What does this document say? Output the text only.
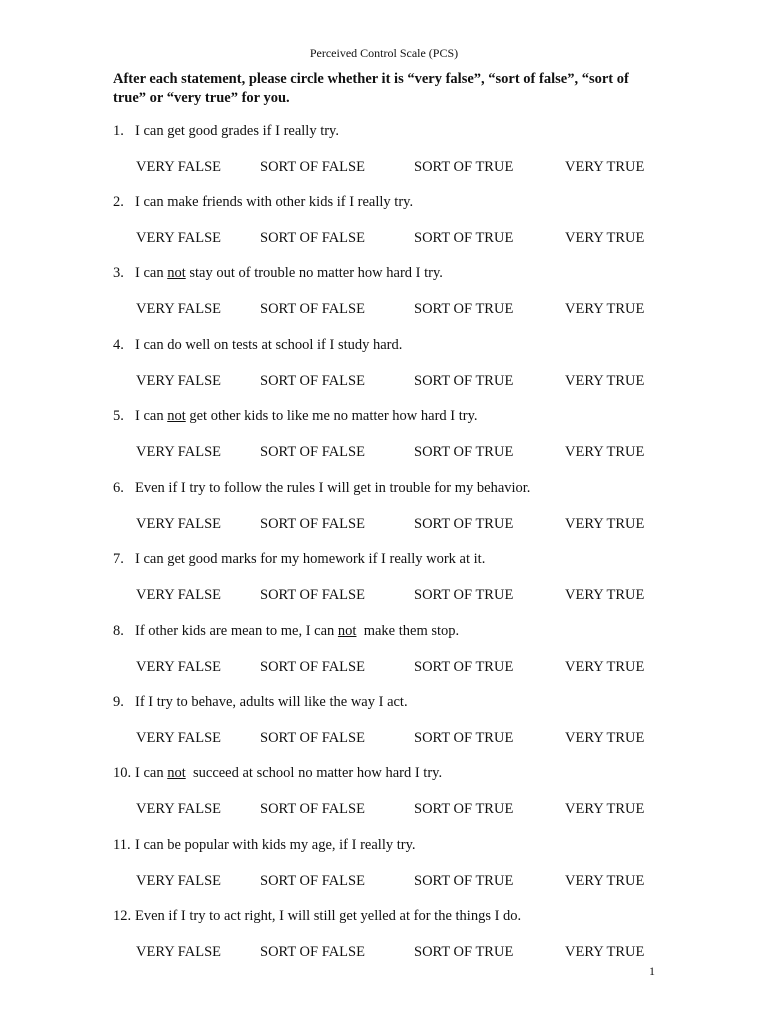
Perceived Control Scale (PCS)
After each statement, please circle whether it is “very false”, “sort of false”, “sort of true” or “very true” for you.
1. I can get good grades if I really try.
VERY FALSE	SORT OF FALSE	SORT OF TRUE	VERY TRUE
2. I can make friends with other kids if I really try.
VERY FALSE	SORT OF FALSE	SORT OF TRUE	VERY TRUE
3. I can not stay out of trouble no matter how hard I try.
VERY FALSE	SORT OF FALSE	SORT OF TRUE	VERY TRUE
4. I can do well on tests at school if I study hard.
VERY FALSE	SORT OF FALSE	SORT OF TRUE	VERY TRUE
5. I can not get other kids to like me no matter how hard I try.
VERY FALSE	SORT OF FALSE	SORT OF TRUE	VERY TRUE
6. Even if I try to follow the rules I will get in trouble for my behavior.
VERY FALSE	SORT OF FALSE	SORT OF TRUE	VERY TRUE
7. I can get good marks for my homework if I really work at it.
VERY FALSE	SORT OF FALSE	SORT OF TRUE	VERY TRUE
8. If other kids are mean to me, I can not  make them stop.
VERY FALSE	SORT OF FALSE	SORT OF TRUE	VERY TRUE
9. If I try to behave, adults will like the way I act.
VERY FALSE	SORT OF FALSE	SORT OF TRUE	VERY TRUE
10. I can not  succeed at school no matter how hard I try.
VERY FALSE	SORT OF FALSE	SORT OF TRUE	VERY TRUE
11. I can be popular with kids my age, if I really try.
VERY FALSE	SORT OF FALSE	SORT OF TRUE	VERY TRUE
12. Even if I try to act right, I will still get yelled at for the things I do.
VERY FALSE	SORT OF FALSE	SORT OF TRUE	VERY TRUE
1
